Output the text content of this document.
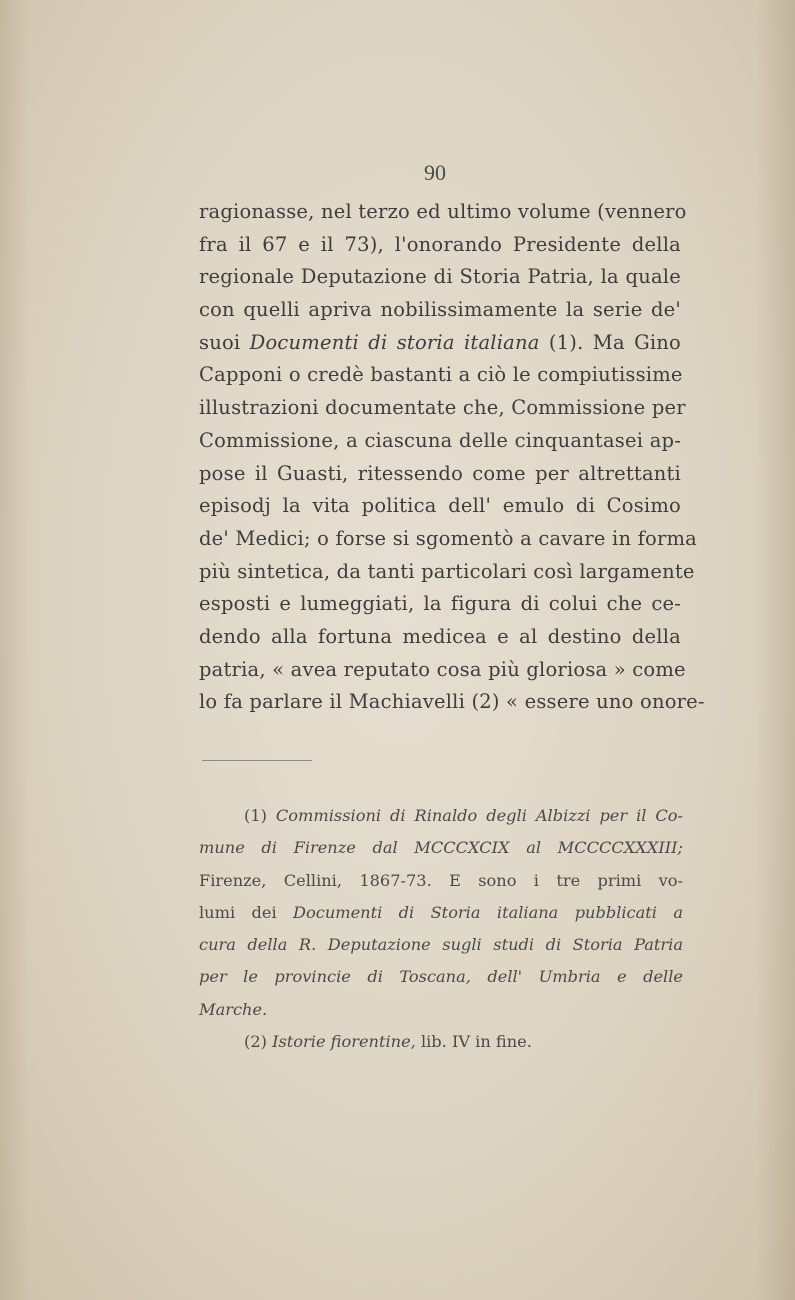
90
ragionasse, nel terzo ed ultimo volume (vennero
fra il 67 e il 73), l'onorando Presidente della
regionale Deputazione di Storia Patria, la quale
con quelli apriva nobilissimamente la serie de'
suoi Documenti di storia italiana (1). Ma Gino
Capponi o credè bastanti a ciò le compiutissime
illustrazioni documentate che, Commissione per
Commissione, a ciascuna delle cinquantasei ap-
pose il Guasti, ritessendo come per altrettanti
episodj la vita politica dell' emulo di Cosimo
de' Medici; o forse si sgomentò a cavare in forma
più sintetica, da tanti particolari così largamente
esposti e lumeggiati, la figura di colui che ce-
dendo alla fortuna medicea e al destino della
patria, « avea reputato cosa più gloriosa » come
lo fa parlare il Machiavelli (2) « essere uno onore-
(1) Commissioni di Rinaldo degli Albizzi per il Co-
mune di Firenze dal MCCCXCIX al MCCCCXXXIII;
Firenze, Cellini, 1867-73. E sono i tre primi vo-
lumi dei Documenti di Storia italiana pubblicati a
cura della R. Deputazione sugli studi di Storia Patria
per le provincie di Toscana, dell' Umbria e delle
Marche.
(2) Istorie fiorentine, lib. IV in fine.
